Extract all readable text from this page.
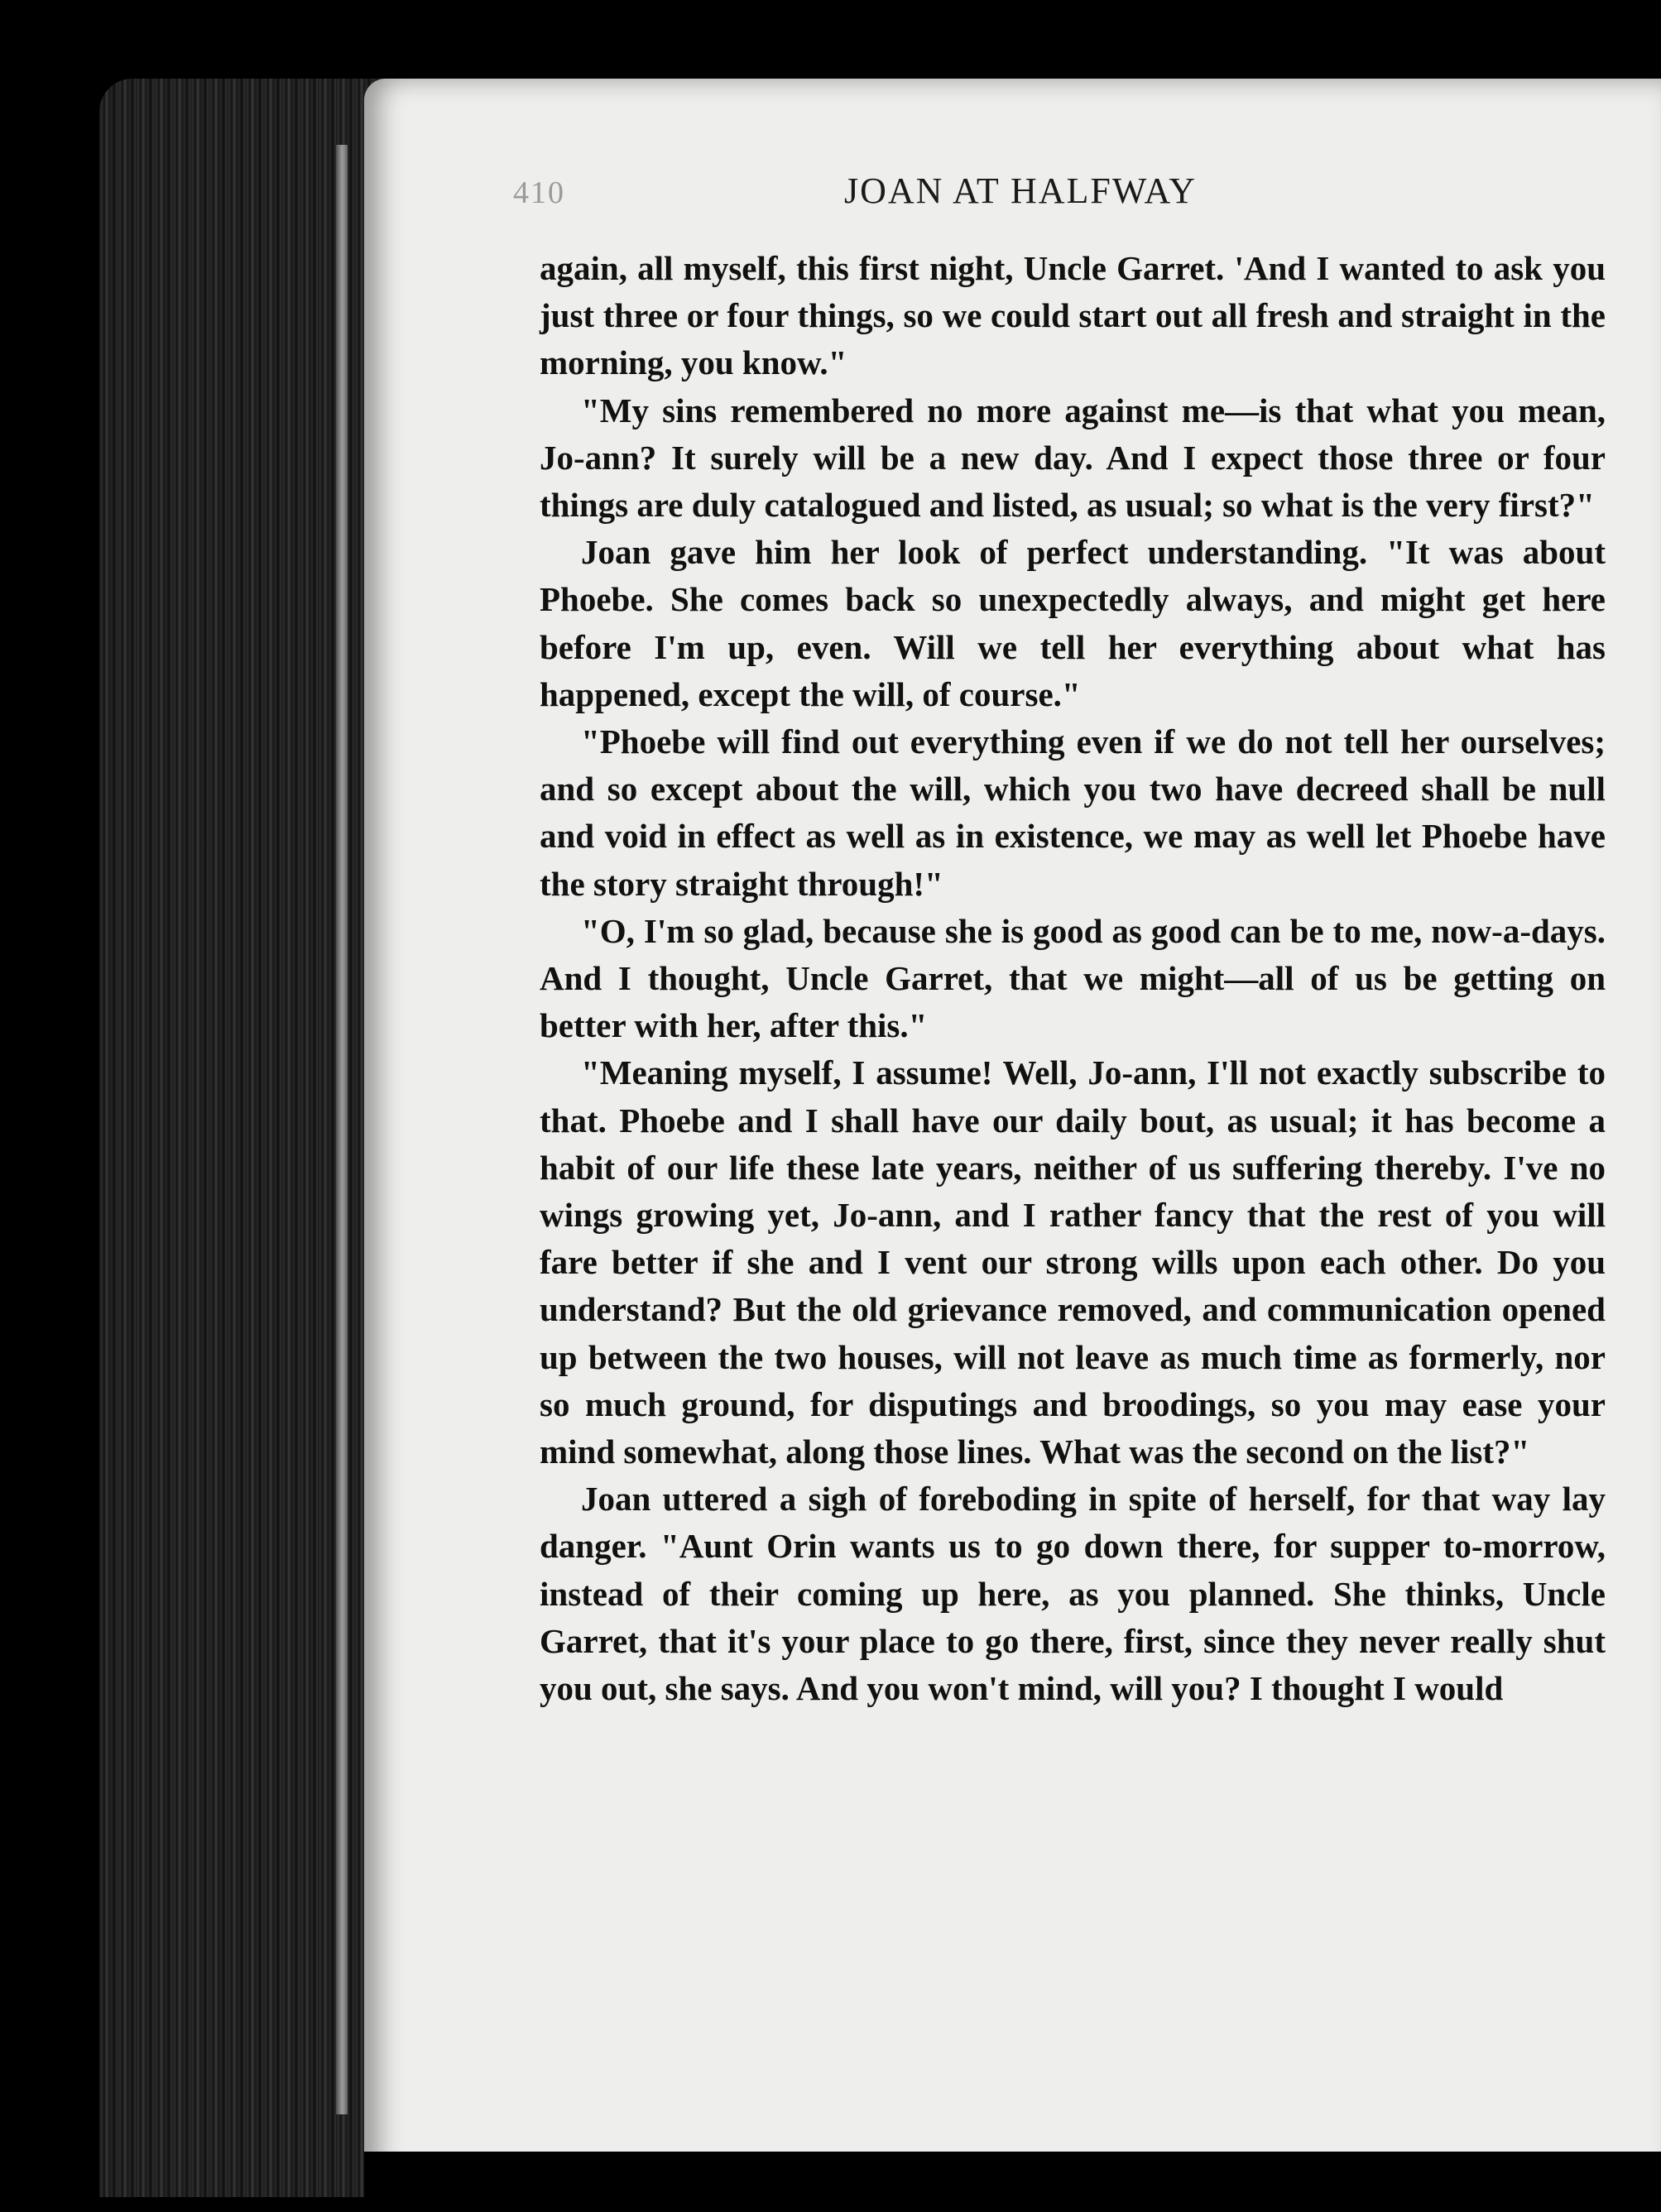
410	JOAN AT HALFWAY

again, all myself, this first night, Uncle Garret. 'And I wanted to ask you just three or four things, so we could start out all fresh and straight in the morning, you know."

"My sins remembered no more against me—is that what you mean, Jo-ann? It surely will be a new day. And I expect those three or four things are duly catalogued and listed, as usual; so what is the very first?"

Joan gave him her look of perfect understanding. "It was about Phoebe. She comes back so unexpectedly always, and might get here before I'm up, even. Will we tell her everything about what has happened, except the will, of course."

"Phoebe will find out everything even if we do not tell her ourselves; and so except about the will, which you two have decreed shall be null and void in effect as well as in existence, we may as well let Phoebe have the story straight through!"

"O, I'm so glad, because she is good as good can be to me, now-a-days. And I thought, Uncle Garret, that we might—all of us be getting on better with her, after this."

"Meaning myself, I assume! Well, Jo-ann, I'll not exactly subscribe to that. Phoebe and I shall have our daily bout, as usual; it has become a habit of our life these late years, neither of us suffering thereby. I've no wings growing yet, Jo-ann, and I rather fancy that the rest of you will fare better if she and I vent our strong wills upon each other. Do you understand? But the old grievance removed, and communication opened up between the two houses, will not leave as much time as formerly, nor so much ground, for disputings and broodings, so you may ease your mind somewhat, along those lines. What was the second on the list?"

Joan uttered a sigh of foreboding in spite of herself, for that way lay danger. "Aunt Orin wants us to go down there, for supper to-morrow, instead of their coming up here, as you planned. She thinks, Uncle Garret, that it's your place to go there, first, since they never really shut you out, she says. And you won't mind, will you? I thought I would
